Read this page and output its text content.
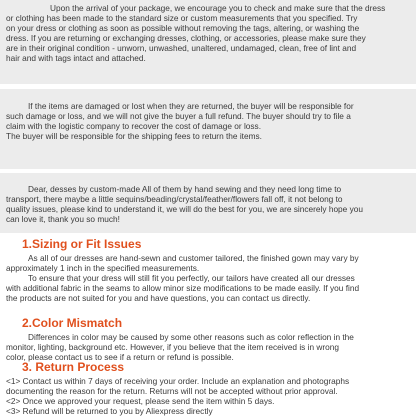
Upon the arrival of your package, we encourage you to check and make sure that the dress
or clothing has been made to the standard size or custom measurements that you specified. Try
on your dress or clothing as soon as possible without removing the tags, altering, or washing the
dress. If you are returning or exchanging dresses, clothing, or accessories, please make sure they
are in their original condition - unworn, unwashed, unaltered, undamaged, clean, free of lint and
hair and with tags intact and attached.

If the items are damaged or lost when they are returned, the buyer will be responsible for
such damage or loss, and we will not give the buyer a full refund. The buyer should try to file a
claim with the logistic company to recover the cost of damage or loss.
The buyer will be responsible for the shipping fees to return the items.

Dear, desses by custom-made All of them by hand sewing and they need long time to
transport, there maybe a little sequins/beading/crystal/feather/flowers fall off, it not belong to
quality issues, please kind to understand it, we will do the best for you, we are sincerely hope you
can love it, thank you so much!

1.Sizing or Fit Issues

As all of our dresses are hand-sewn and customer tailored, the finished gown may vary by
approximately 1 inch in the specified measurements.
To ensure that your dress will still fit you perfectly, our tailors have created all our dresses
with additional fabric in the seams to allow minor size modifications to be made easily. If you find
the products are not suited for you and have questions, you can contact us directly.

2.Color Mismatch

Differences in color may be caused by some other reasons such as color reflection in the
monitor, lighting, background etc. However, if you believe that the item received is in wrong
color, please contact us to see if a return or refund is possible.

3. Return Process

<1> Contact us within 7 days of receiving your order. Include an explanation and photographs

documenting the reason for the return. Returns will not be accepted without prior approval.

<2> Once we approved your request, please send the item within 5 days.

<3> Refund will be returned to you by Aliexpress directly
